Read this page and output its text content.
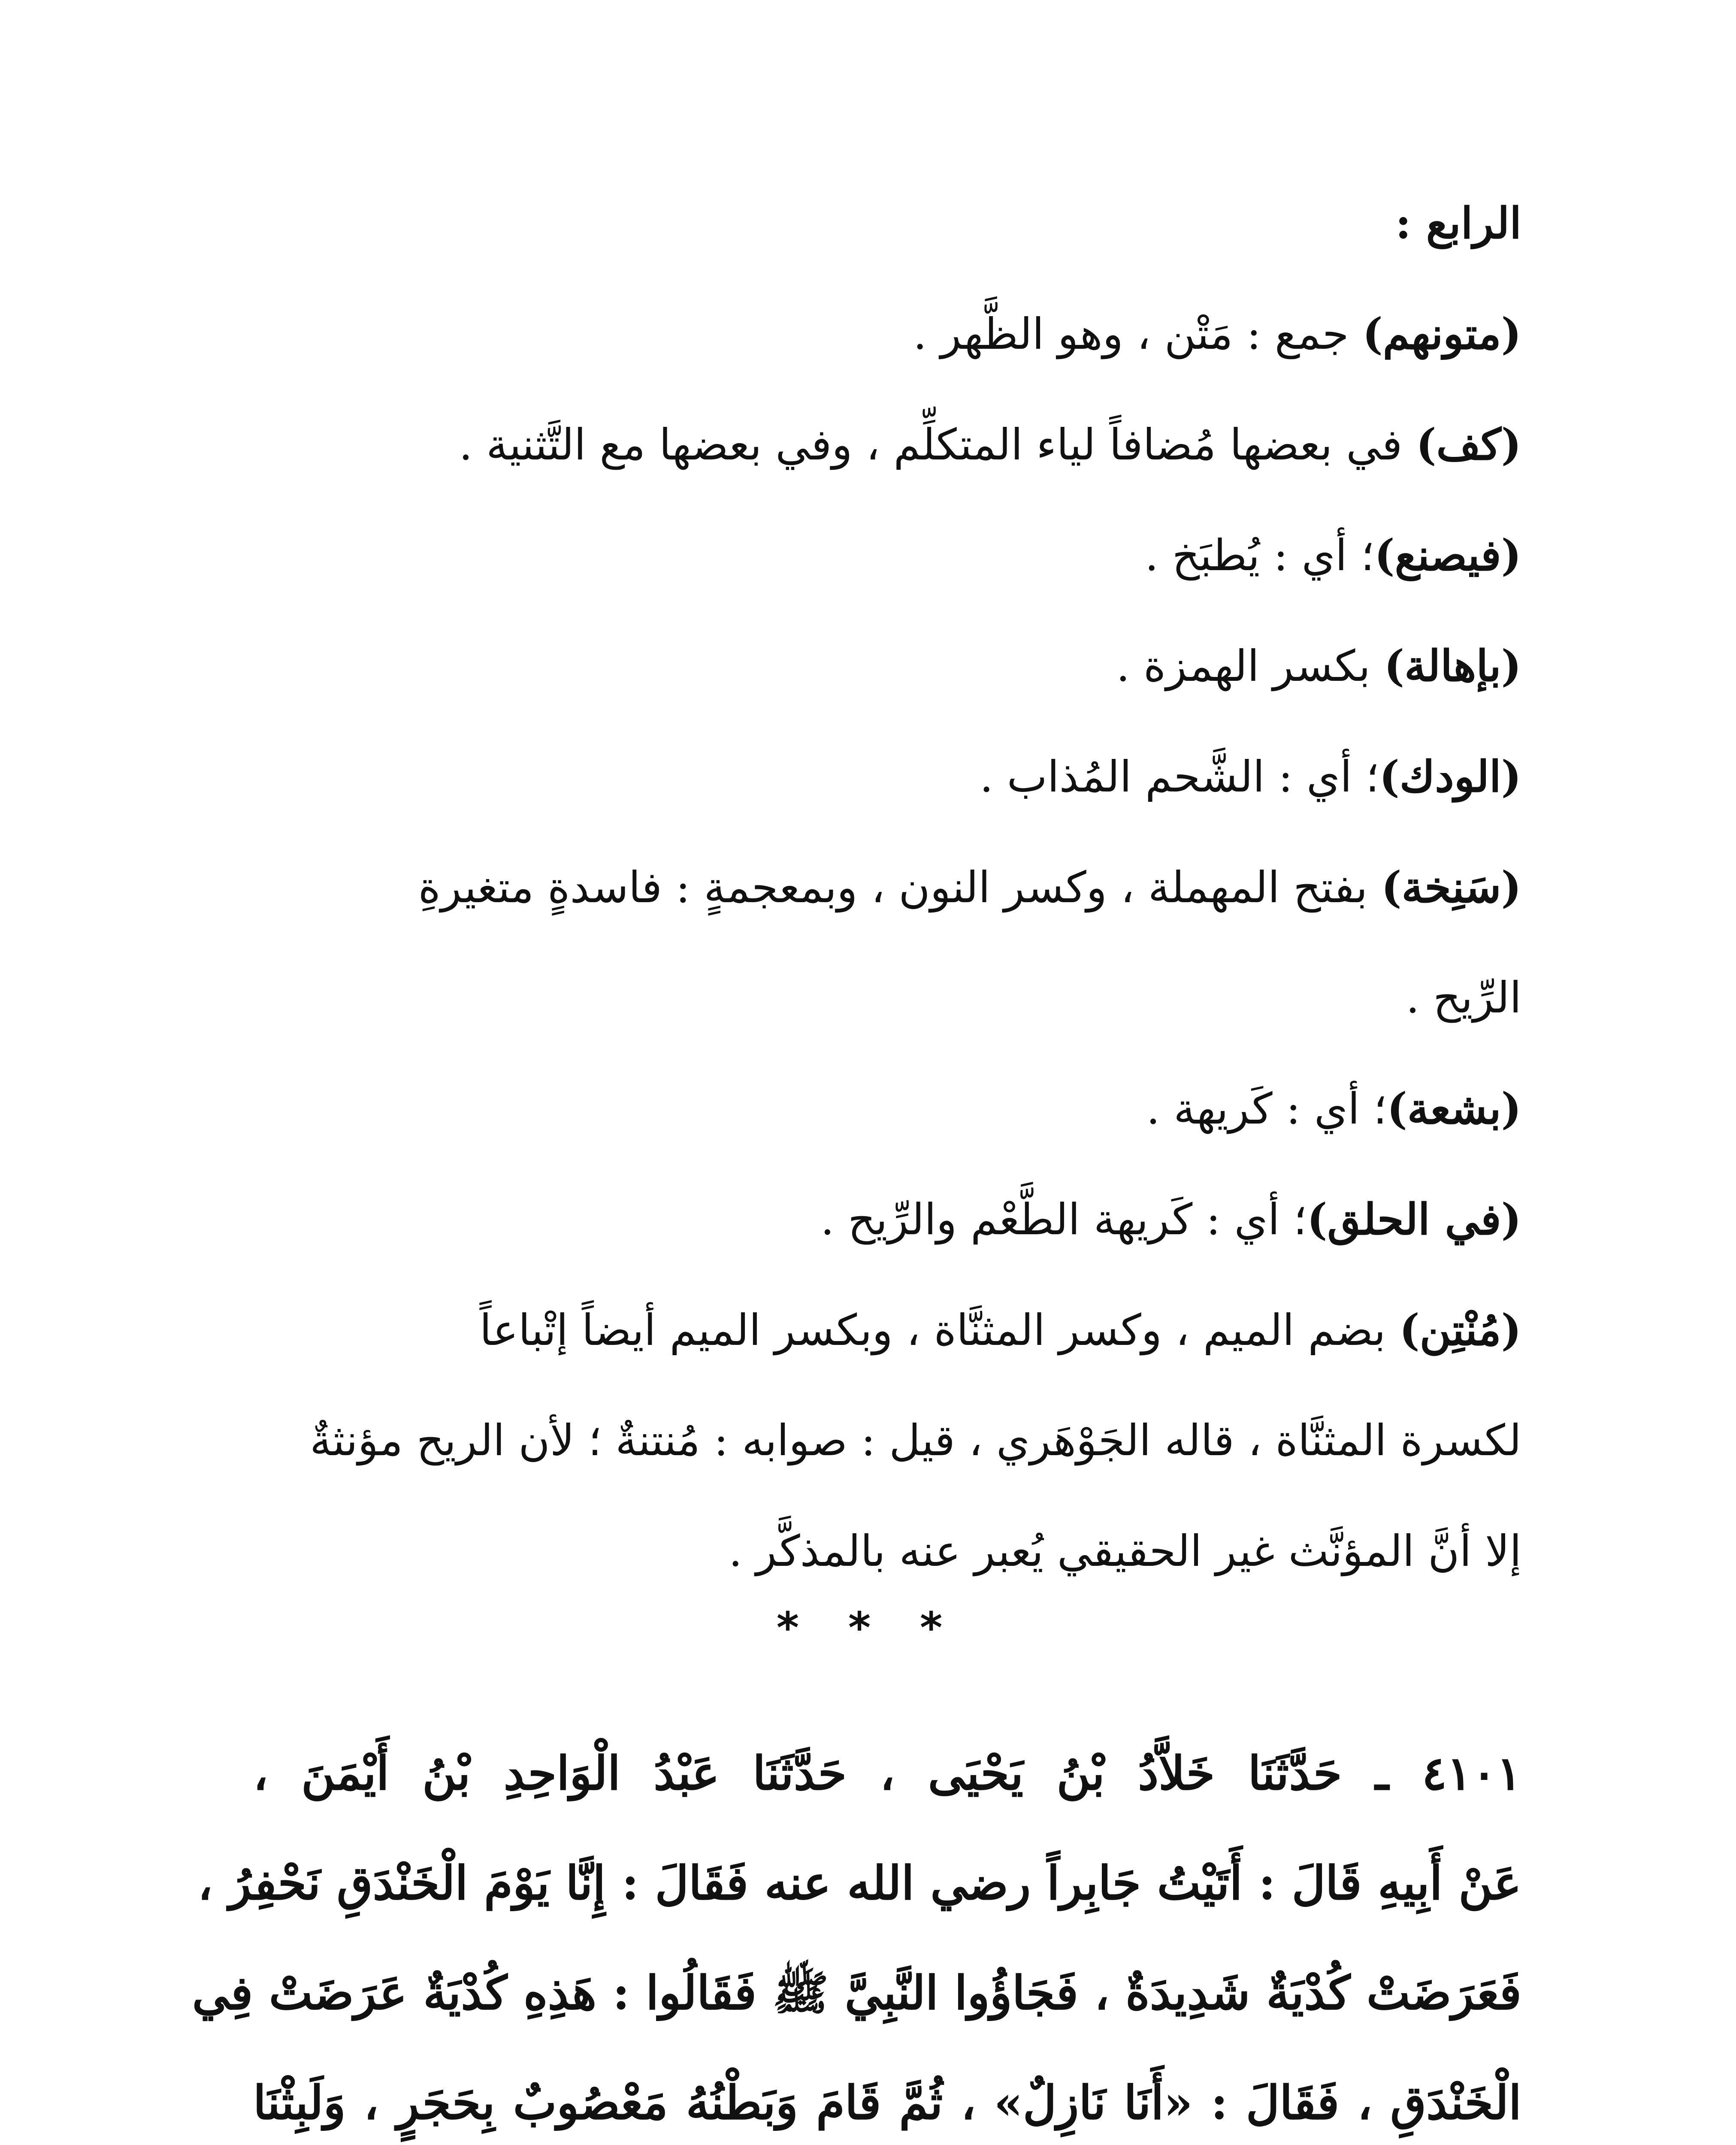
الرابع :
(متونهم) جمع : مَتْن ، وهو الظَّهر .
(كف) في بعضها مُضافاً لياء المتكلِّم ، وفي بعضها مع التَّثنية .
(فيصنع)؛ أي : يُطبَخ .
(بإهالة) بكسر الهمزة .
(الودك)؛ أي : الشَّحم المُذاب .
(سَنِخة) بفتح المهملة ، وكسر النون ، وبمعجمةٍ : فاسدةٍ متغيرةِ
الرِّيح .
(بشعة)؛ أي : كَريهة .
(في الحلق)؛ أي : كَريهة الطَّعْم والرِّيح .
(مُنْتِن) بضم الميم ، وكسر المثنَّاة ، وبكسر الميم أيضاً إتْباعاً
لكسرة المثنَّاة ، قاله الجَوْهَري ، قيل : صوابه : مُنتنةٌ ؛ لأن الريح مؤنثةٌ
إلا أنَّ المؤنَّث غير الحقيقي يُعبر عنه بالمذكَّر .
* * *
٤١٠١ ـ حَدَّثَنَا خَلاَّدُ بْنُ يَحْيَى ، حَدَّثَنَا عَبْدُ الْوَاحِدِ بْنُ أَيْمَنَ ،
عَنْ أَبِيهِ قَالَ : أَتَيْتُ جَابِراً رضي الله عنه فَقَالَ : إِنَّا يَوْمَ الْخَنْدَقِ نَحْفِرُ ،
فَعَرَضَتْ كُدْيَةٌ شَدِيدَةٌ ، فَجَاؤُوا النَّبِيَّ ﷺ فَقَالُوا : هَذِهِ كُدْيَةٌ عَرَضَتْ فِي
الْخَنْدَقِ ، فَقَالَ : «أَنَا نَازِلٌ» ، ثُمَّ قَامَ وَبَطْنُهُ مَعْصُوبٌ بِحَجَرٍ ، وَلَبِثْنَا
